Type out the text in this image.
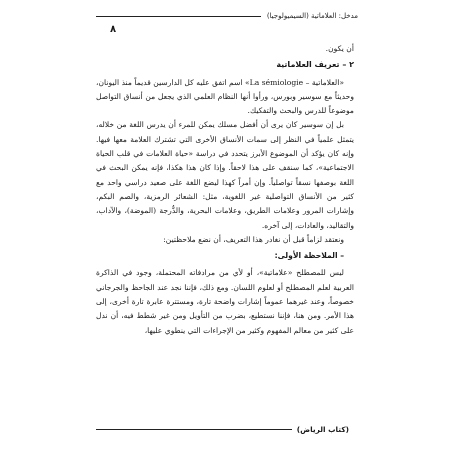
مدخل: العلاماتية (السيميولوجيا)
٨

أن يكون.

٢ – تعريف العلاماتية

«العلاماتية – La sémiologie» اسم اتفق عليه كل الدارسين قديماً منذ اليونان، وحديثاً مع سوسير وبورس، ورأوا أنها النظام العلمي الذي يجعل من أنساق التواصل موضوعاً للدرس والبحث والتفكيك.

بل إن سوسير كان يرى أن أفضل مسلك يمكن للمرء أن يدرس اللغة من خلاله، يتمثل علمياً في النظر إلى سمات الأنساق الأخرى التي تشترك العلامة معها فيها. وإنه كان يؤكد أن الموضوع الأبرز يتحدد في دراسة «حياة العلامات في قلب الحياة الاجتماعية»، كما سنقف على هذا لاحقاً. وإذا كان هذا هكذا، فإنه يمكن البحث في اللغة بوصفها نسقاً تواصلياً. وإن أمراً كهذا ليضع اللغة على صعيد دراسي واحد مع كثير من الأنساق التواصلية غير اللغوية، مثل: الشعائر الرمزية، والصم البكم، وإشارات المرور وعلامات الطريق، وعلامات البحرية، والدُّرجة (الموضة)، والآداب، والتقاليد، والعادات، إلى آخره.

ونعتقد لزاماً قبل أن نغادر هذا التعريف، أن نضع ملاحظتين:

– الملاحظة الأولى:

ليس للمصطلح «علاماتية»، أو لأي من مرادفاته المحتملة، وجود في الذاكرة العربية لعلم المصطلح أو لعلوم اللسان. ومع ذلك، فإننا نجد عند الجاحظ والجرجاني خصوصاً، وعند غيرهما عموماً إشارات واضحة تارة، ومستترة عابرة تارة أخرى، إلى هذا الأمر. ومن هنا، فإننا نستطيع، بضرب من التأويل ومن غير شطط فيه، أن ندل على كثير من معالم المفهوم وكثير من الإجراءات التي ينطوي عليها،

(كتاب الرياض)
